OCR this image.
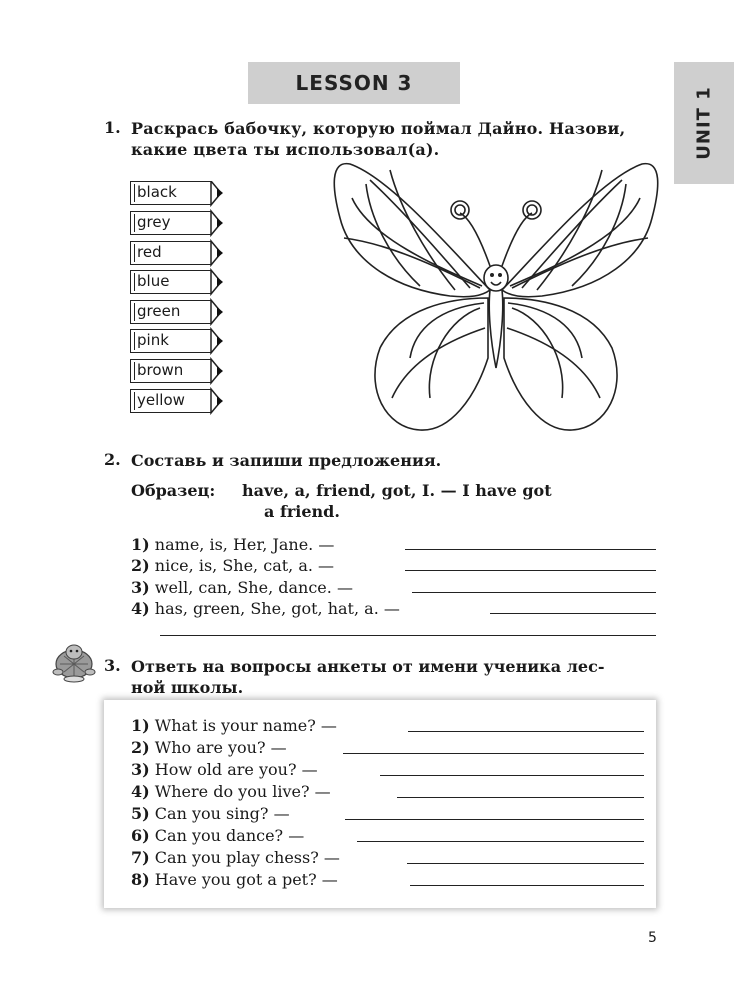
LESSON 3
UNIT 1
1. Раскрась бабочку, которую поймал Дайно. Назови,
какие цвета ты использовал(а).
black
grey
red
blue
green
pink
brown
yellow
2. Составь и запиши предложения.
Образец: have, a, friend, got, I. — I have got
a friend.
1) name, is, Her, Jane. —
2) nice, is, She, cat, a. —
3) well, can, She, dance. —
4) has, green, She, got, hat, a. —
3. Ответь на вопросы анкеты от имени ученика лес-
ной школы.
1) What is your name? —
2) Who are you? —
3) How old are you? —
4) Where do you live? —
5) Can you sing? —
6) Can you dance? —
7) Can you play chess? —
8) Have you got a pet? —
5
